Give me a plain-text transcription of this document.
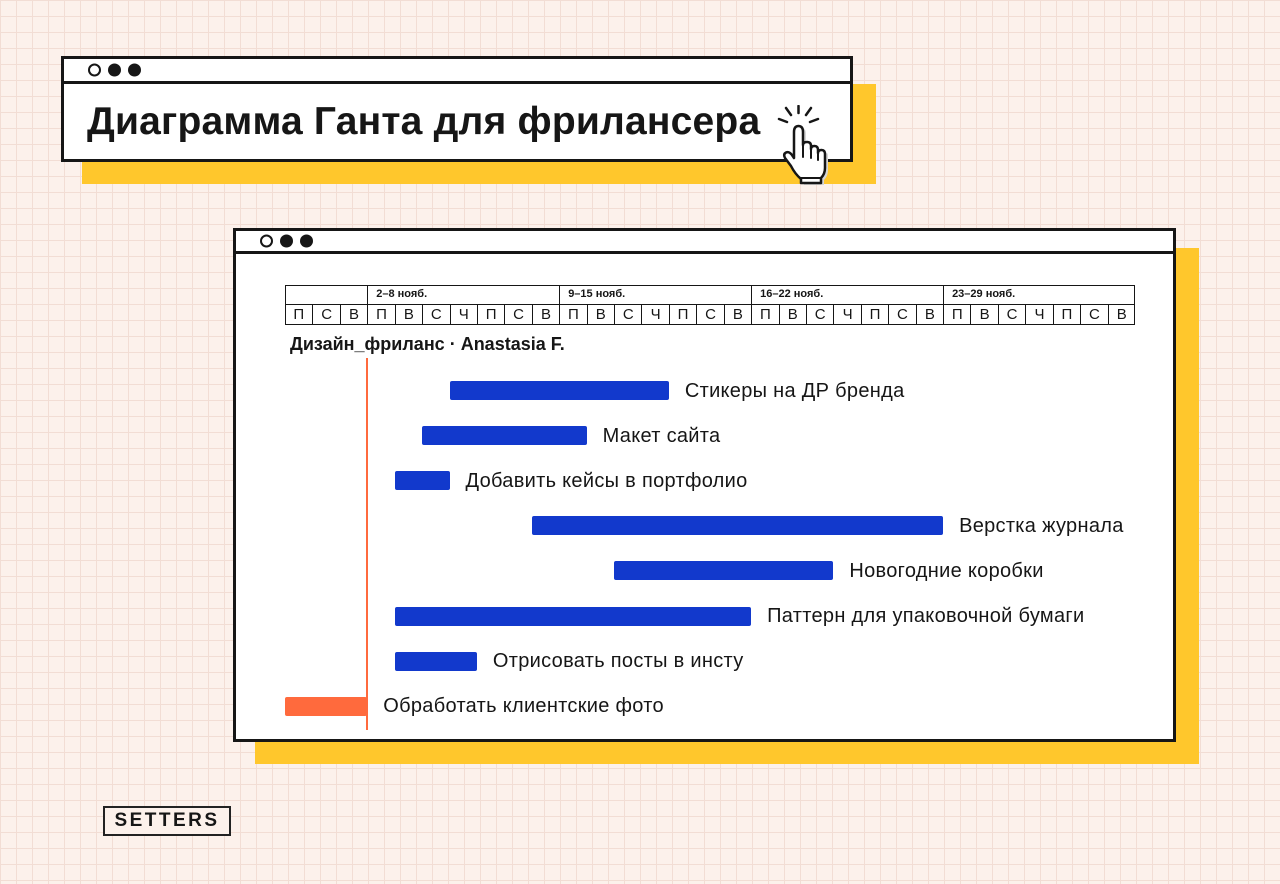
Диаграмма Ганта для фрилансера
П	С	В
2–8 нояб.
П	В	С	Ч	П	С	В
9–15 нояб.
П	В	С	Ч	П	С	В
16–22 нояб.
П	В	С	Ч	П	С	В
23–29 нояб.
П	В	С	Ч	П	С	В
Дизайн_фриланс · Anastasia F.
Стикеры на ДР бренда
Макет сайта
Добавить кейсы в портфолио
Верстка журнала
Новогодние коробки
Паттерн для упаковочной бумаги
Отрисовать посты в инсту
Обработать клиентские фото
SETTERS
